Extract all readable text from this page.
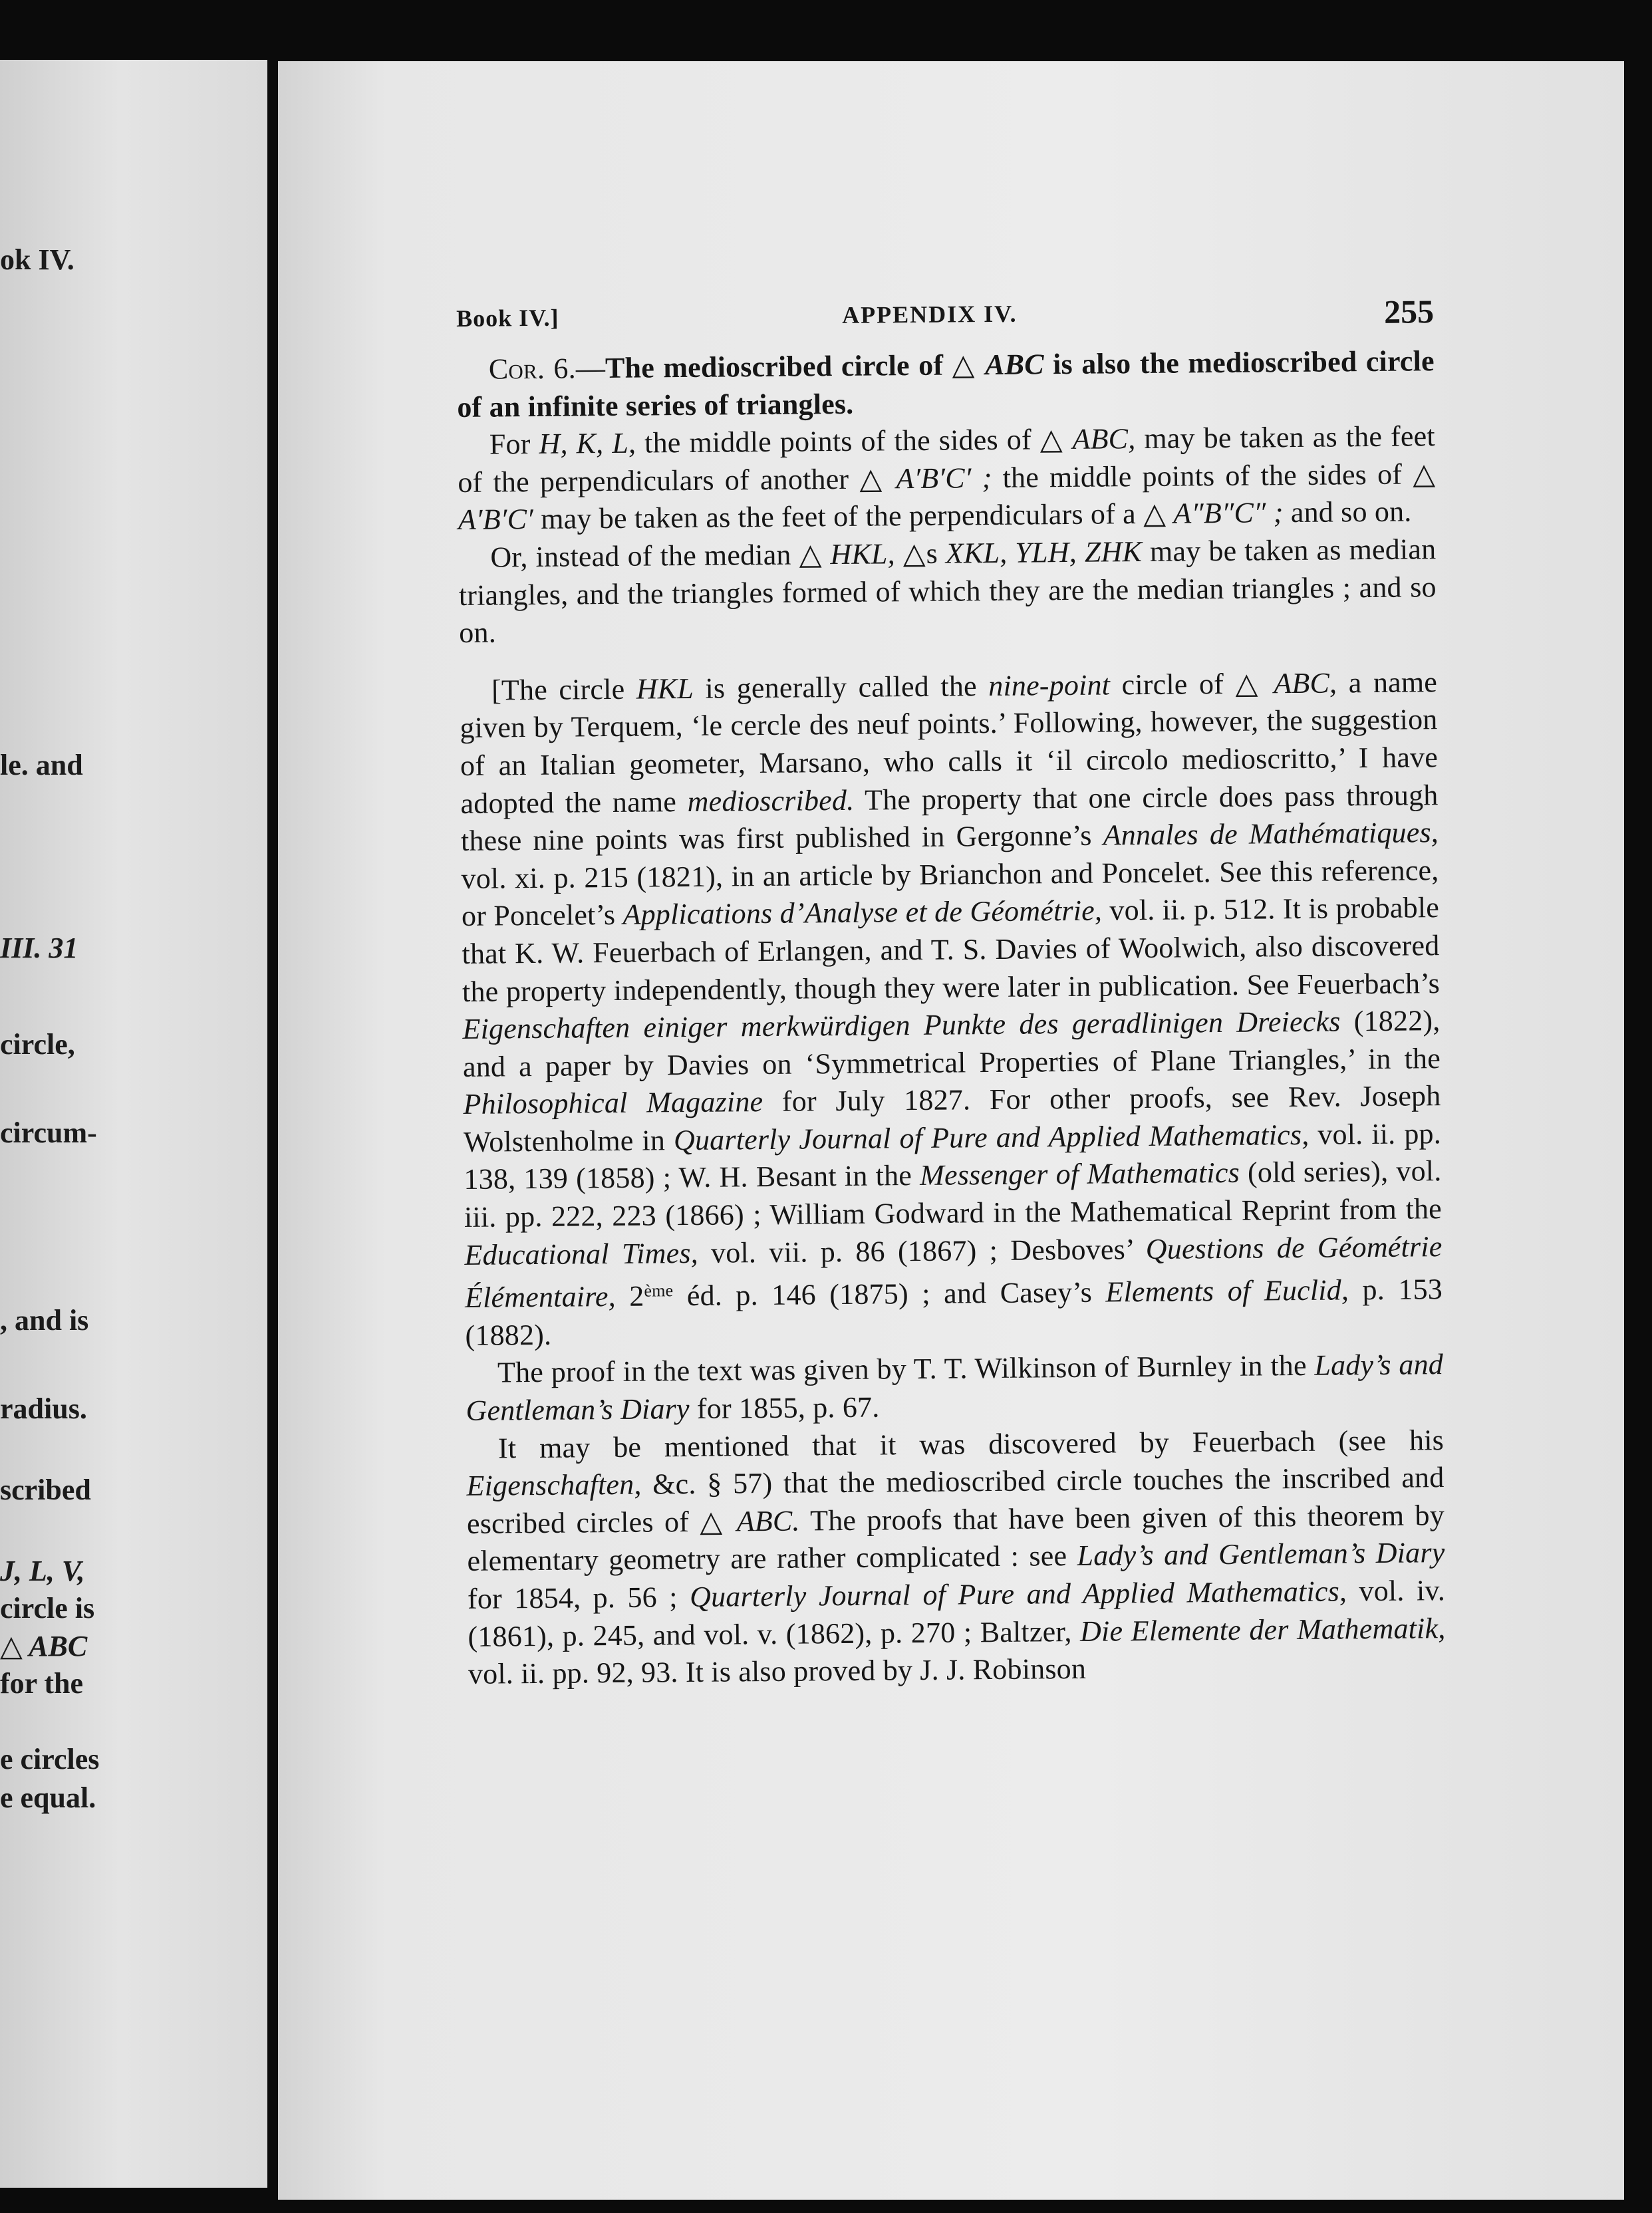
ok IV.
le. and
III. 31
circle,
circum-
, and is
radius.
scribed
J, L, V,
circle is
△ ABC
for the
e circles
e equal.
Book IV.]	APPENDIX IV.	255

Cor. 6.—The medioscribed circle of △ ABC is also the medioscribed circle of an infinite series of triangles.

For H, K, L, the middle points of the sides of △ ABC, may be taken as the feet of the perpendiculars of another △ A′B′C′ ; the middle points of the sides of △ A′B′C′ may be taken as the feet of the perpendiculars of a △ A″B″C″ ; and so on.

Or, instead of the median △ HKL, △s XKL, YLH, ZHK may be taken as median triangles, and the triangles formed of which they are the median triangles ; and so on.

[The circle HKL is generally called the nine-point circle of △ ABC, a name given by Terquem, ‘le cercle des neuf points.’ Following, however, the suggestion of an Italian geometer, Marsano, who calls it ‘il circolo medioscritto,’ I have adopted the name medioscribed. The property that one circle does pass through these nine points was first published in Gergonne’s Annales de Mathématiques, vol. xi. p. 215 (1821), in an article by Brianchon and Poncelet. See this reference, or Poncelet’s Applications d’Analyse et de Géométrie, vol. ii. p. 512. It is probable that K. W. Feuerbach of Erlangen, and T. S. Davies of Woolwich, also discovered the property independently, though they were later in publication. See Feuerbach’s Eigenschaften einiger merkwürdigen Punkte des geradlinigen Dreiecks (1822), and a paper by Davies on ‘Symmetrical Properties of Plane Triangles,’ in the Philosophical Magazine for July 1827. For other proofs, see Rev. Joseph Wolstenholme in Quarterly Journal of Pure and Applied Mathematics, vol. ii. pp. 138, 139 (1858) ; W. H. Besant in the Messenger of Mathematics (old series), vol. iii. pp. 222, 223 (1866) ; William Godward in the Mathematical Reprint from the Educational Times, vol. vii. p. 86 (1867) ; Desboves’ Questions de Géométrie Élémentaire, 2ème éd. p. 146 (1875) ; and Casey’s Elements of Euclid, p. 153 (1882).

The proof in the text was given by T. T. Wilkinson of Burnley in the Lady’s and Gentleman’s Diary for 1855, p. 67.

It may be mentioned that it was discovered by Feuerbach (see his Eigenschaften, &c. § 57) that the medioscribed circle touches the inscribed and escribed circles of △ ABC. The proofs that have been given of this theorem by elementary geometry are rather complicated : see Lady’s and Gentleman’s Diary for 1854, p. 56 ; Quarterly Journal of Pure and Applied Mathematics, vol. iv. (1861), p. 245, and vol. v. (1862), p. 270 ; Baltzer, Die Elemente der Mathematik, vol. ii. pp. 92, 93. It is also proved by J. J. Robinson
